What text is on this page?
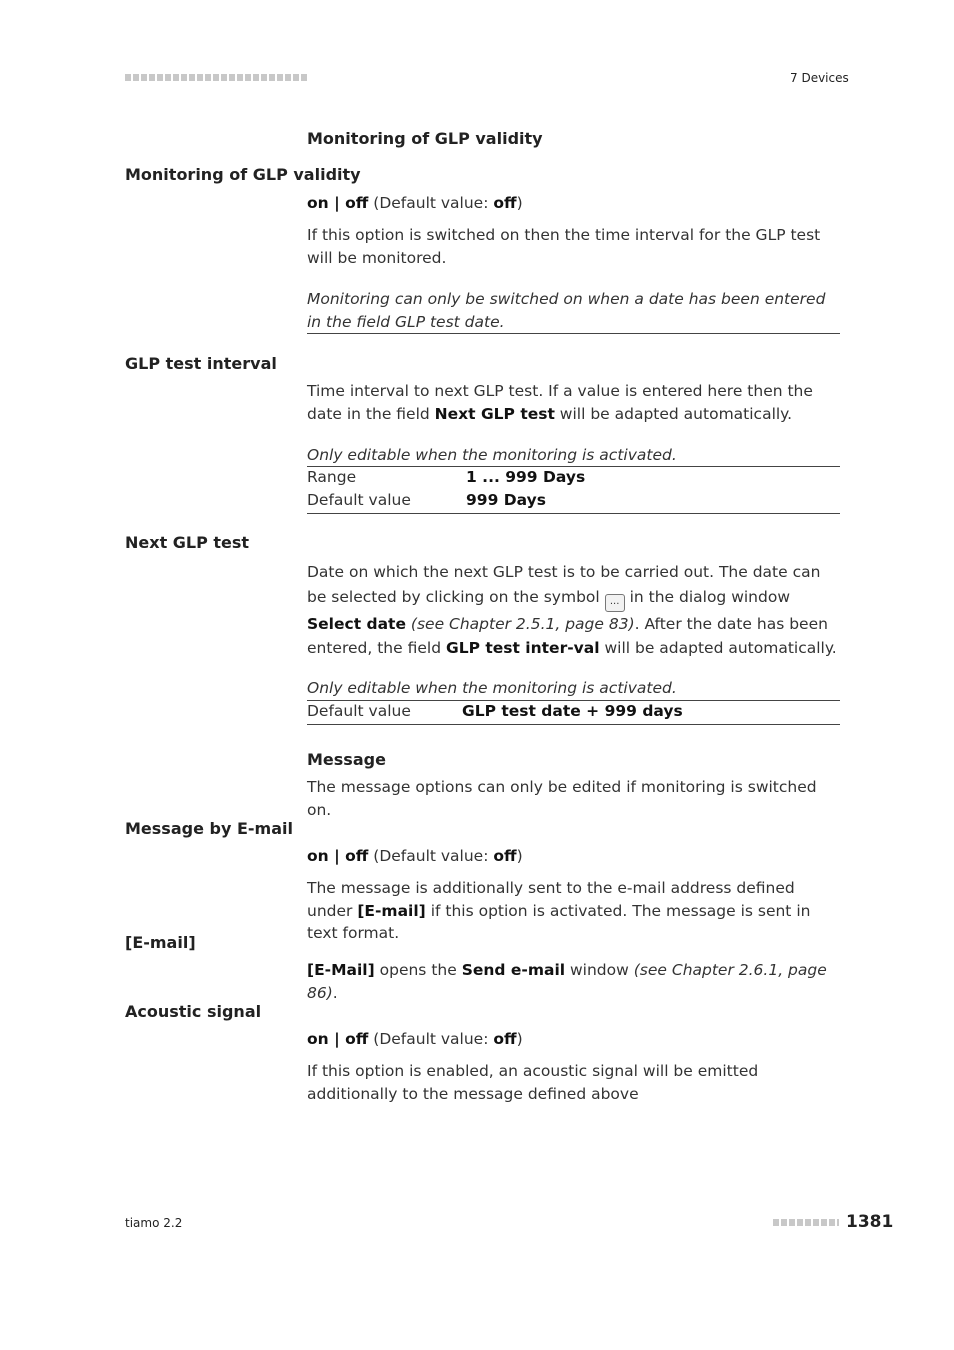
7 Devices
Monitoring of GLP validity
Monitoring of GLP validity
on | off (Default value: off)
If this option is switched on then the time interval for the GLP test will be monitored.
Monitoring can only be switched on when a date has been entered in the field GLP test date.
GLP test interval
Time interval to next GLP test. If a value is entered here then the date in the field Next GLP test will be adapted automatically.
Only editable when the monitoring is activated.
Range	1 ... 999 Days
Default value	999 Days
Next GLP test
Date on which the next GLP test is to be carried out. The date can be selected by clicking on the symbol ... in the dialog window Select date (see Chapter 2.5.1, page 83). After the date has been entered, the field GLP test inter-val will be adapted automatically.
Only editable when the monitoring is activated.
Default value	GLP test date + 999 days
Message
The message options can only be edited if monitoring is switched on.
Message by E-mail
on | off (Default value: off)
The message is additionally sent to the e-mail address defined under [E-mail] if this option is activated. The message is sent in text format.
[E-mail]
[E-Mail] opens the Send e-mail window (see Chapter 2.6.1, page 86).
Acoustic signal
on | off (Default value: off)
If this option is enabled, an acoustic signal will be emitted additionally to the message defined above
tiamo 2.2	1381
